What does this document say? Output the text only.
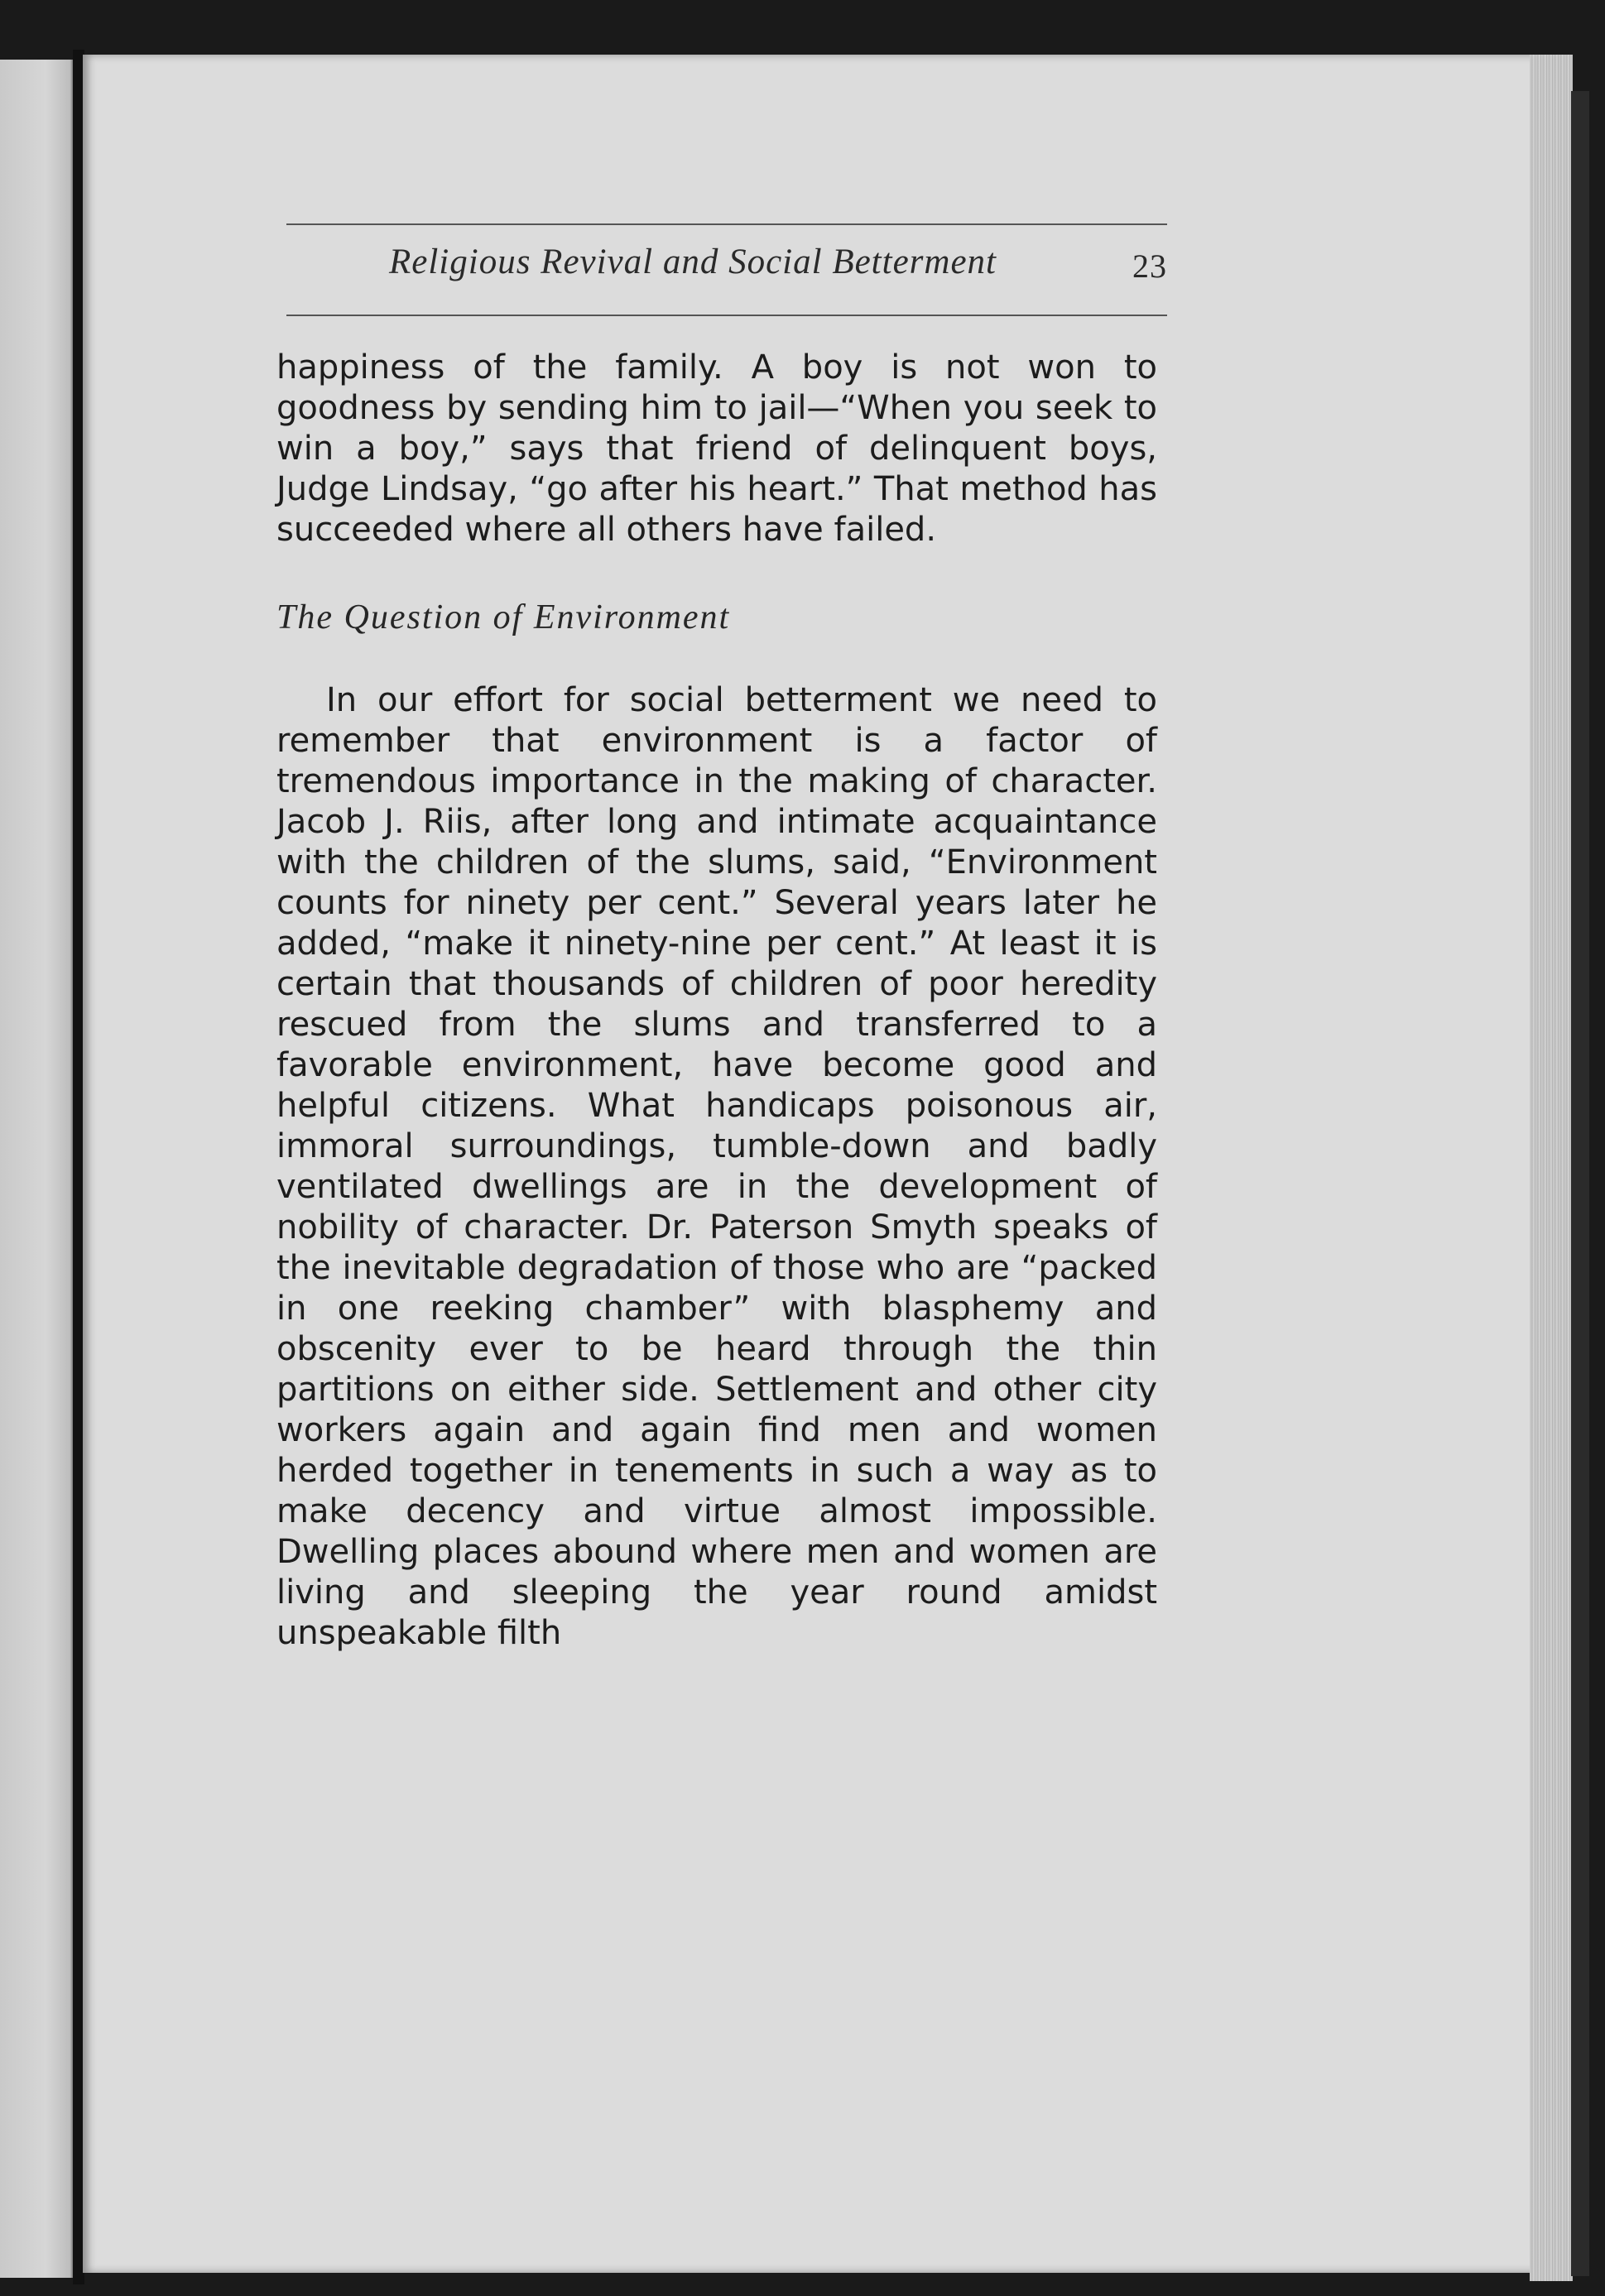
Religious Revival and Social Betterment	23
happiness of the family. A boy is not won to goodness by sending him to jail—“When you seek to win a boy,” says that friend of delinquent boys, Judge Lindsay, “go after his heart.” That method has succeeded where all others have failed.
The Question of Environment
In our effort for social betterment we need to remember that environment is a factor of tremendous importance in the making of character. Jacob J. Riis, after long and intimate acquaintance with the children of the slums, said, “Environment counts for ninety per cent.” Several years later he added, “make it ninety-nine per cent.” At least it is certain that thousands of children of poor heredity rescued from the slums and transferred to a favorable environment, have become good and helpful citizens. What handicaps poisonous air, immoral surroundings, tumble-down and badly ventilated dwellings are in the development of nobility of character. Dr. Paterson Smyth speaks of the inevitable degradation of those who are “packed in one reeking chamber” with blasphemy and obscenity ever to be heard through the thin partitions on either side. Settlement and other city workers again and again find men and women herded together in tenements in such a way as to make decency and virtue almost impossible. Dwelling places abound where men and women are living and sleeping the year round amidst unspeakable filth
